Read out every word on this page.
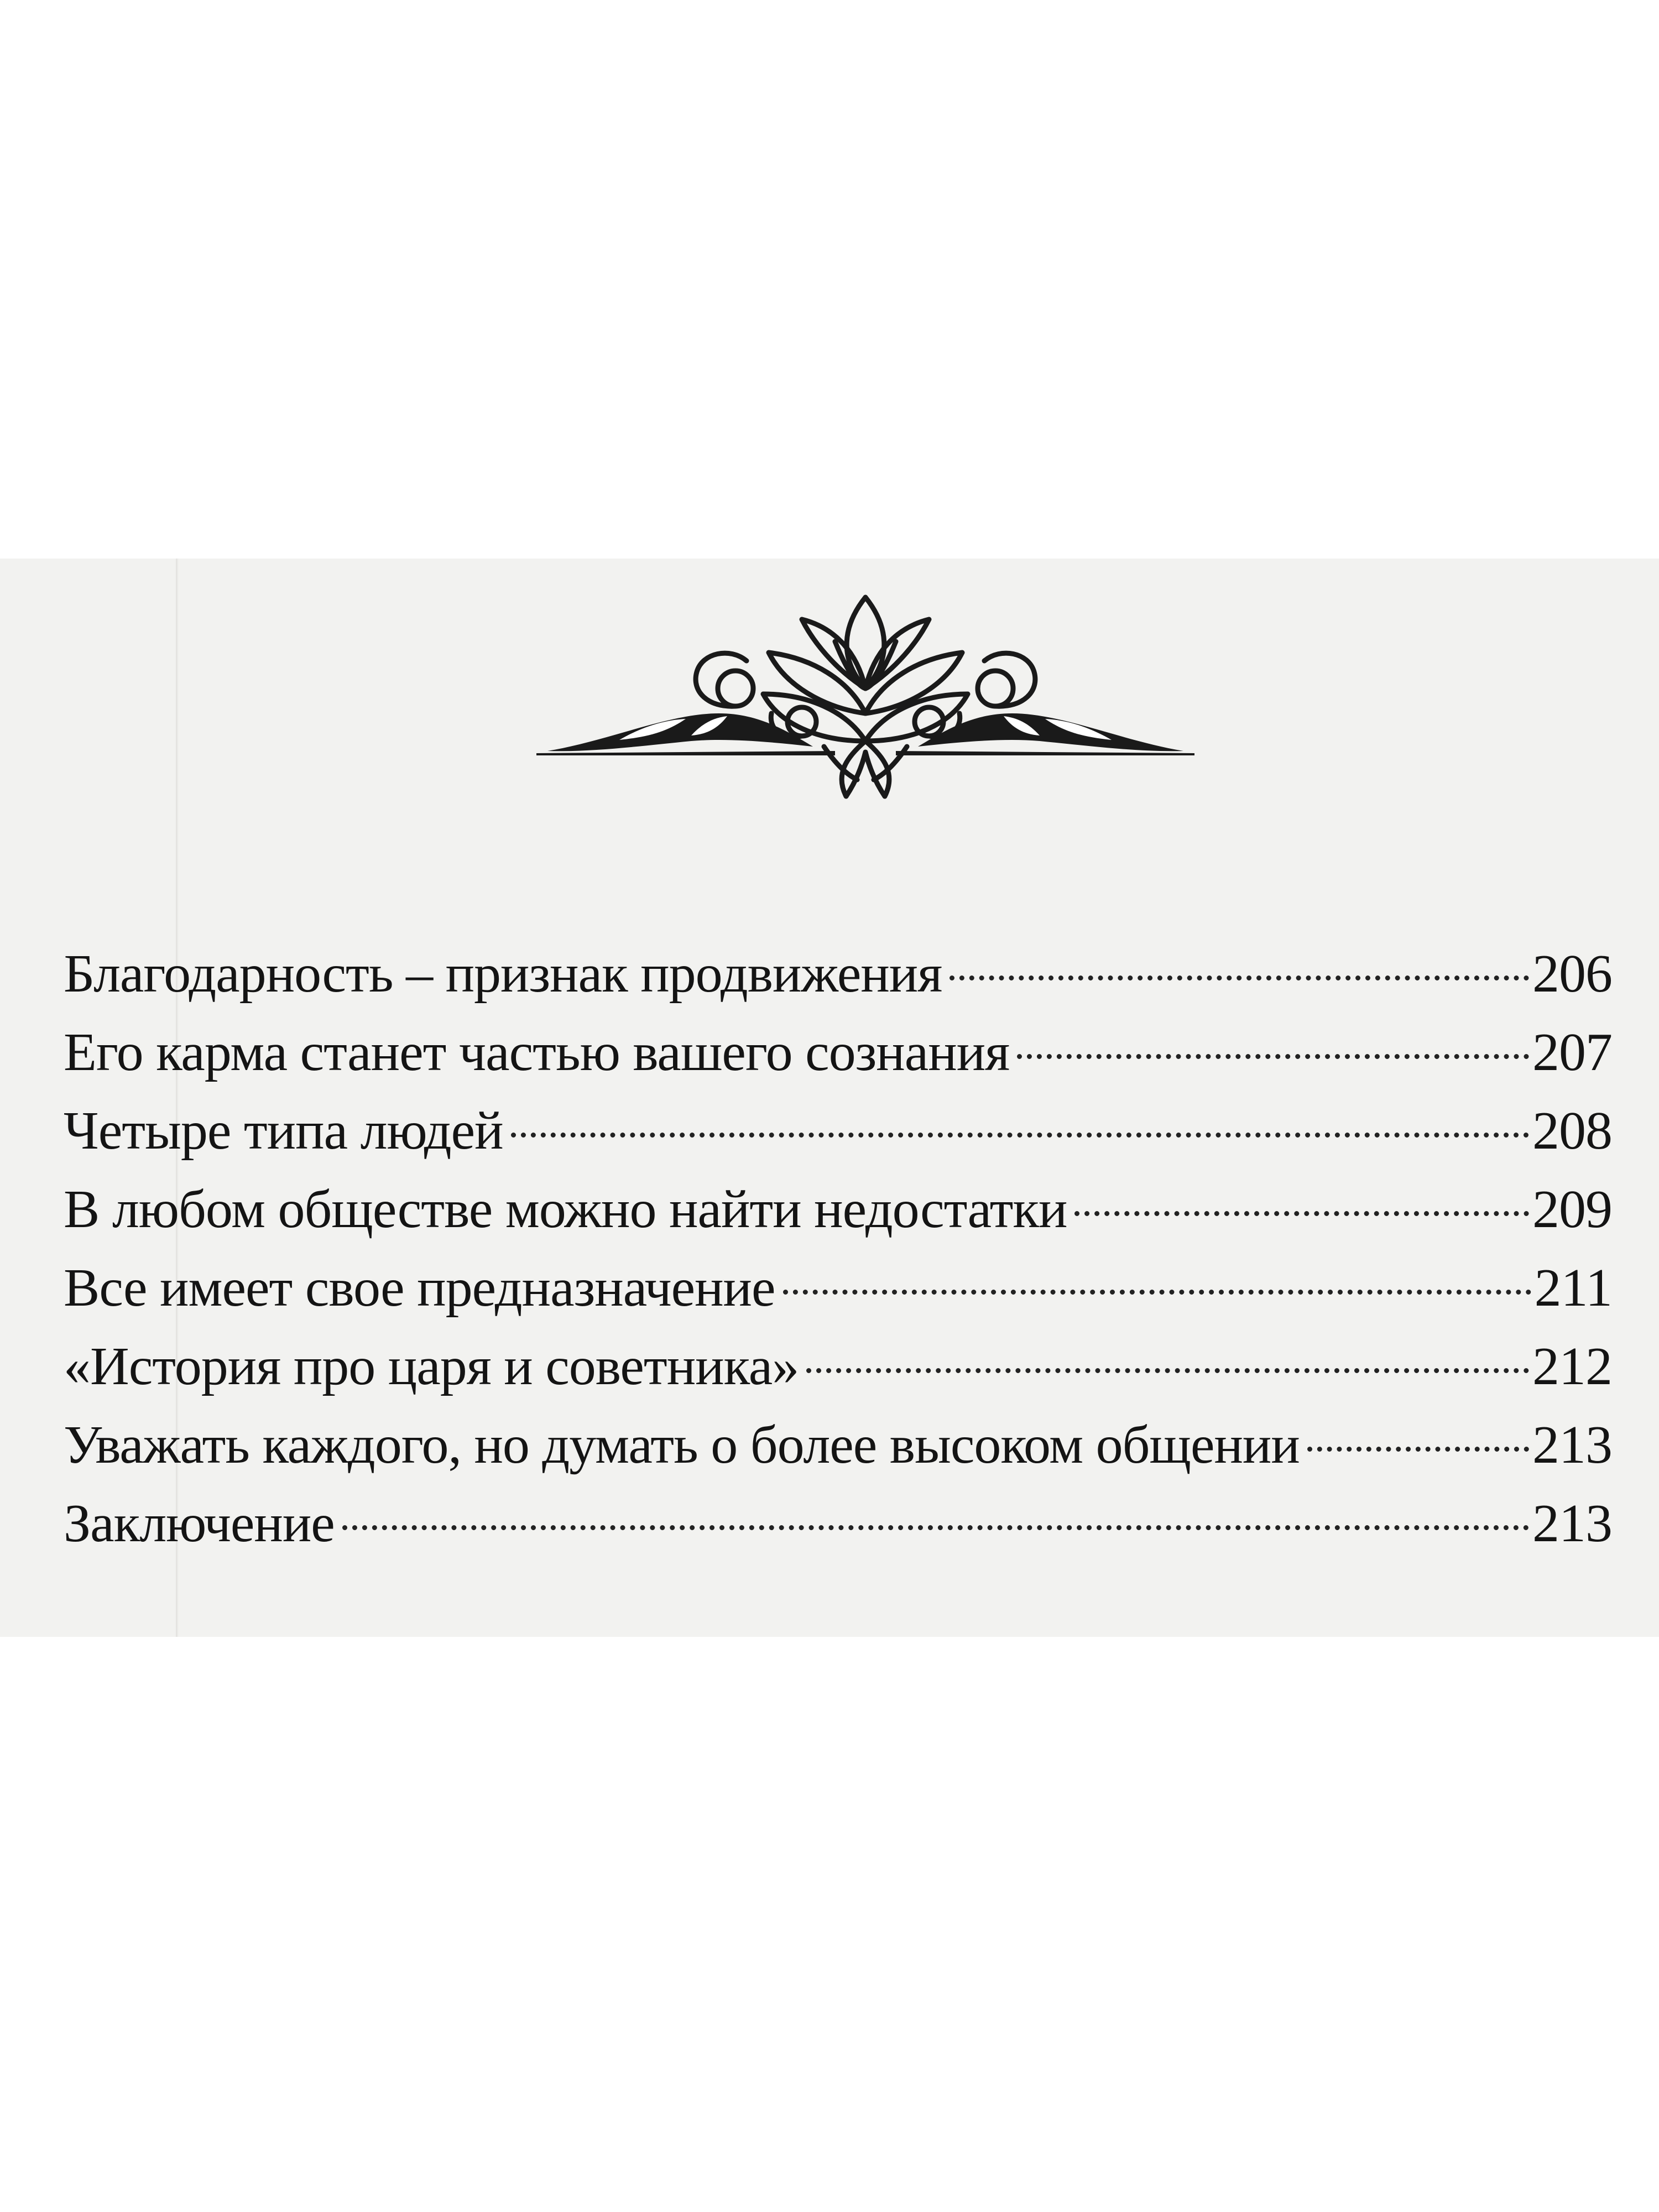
Благодарность – признак продвижения	206
Его карма станет частью вашего сознания	207
Четыре типа людей	208
В любом обществе можно найти недостатки	209
Все имеет свое предназначение	211
«История про царя и советника»	212
Уважать каждого, но думать о более высоком общении	213
Заключение	213
